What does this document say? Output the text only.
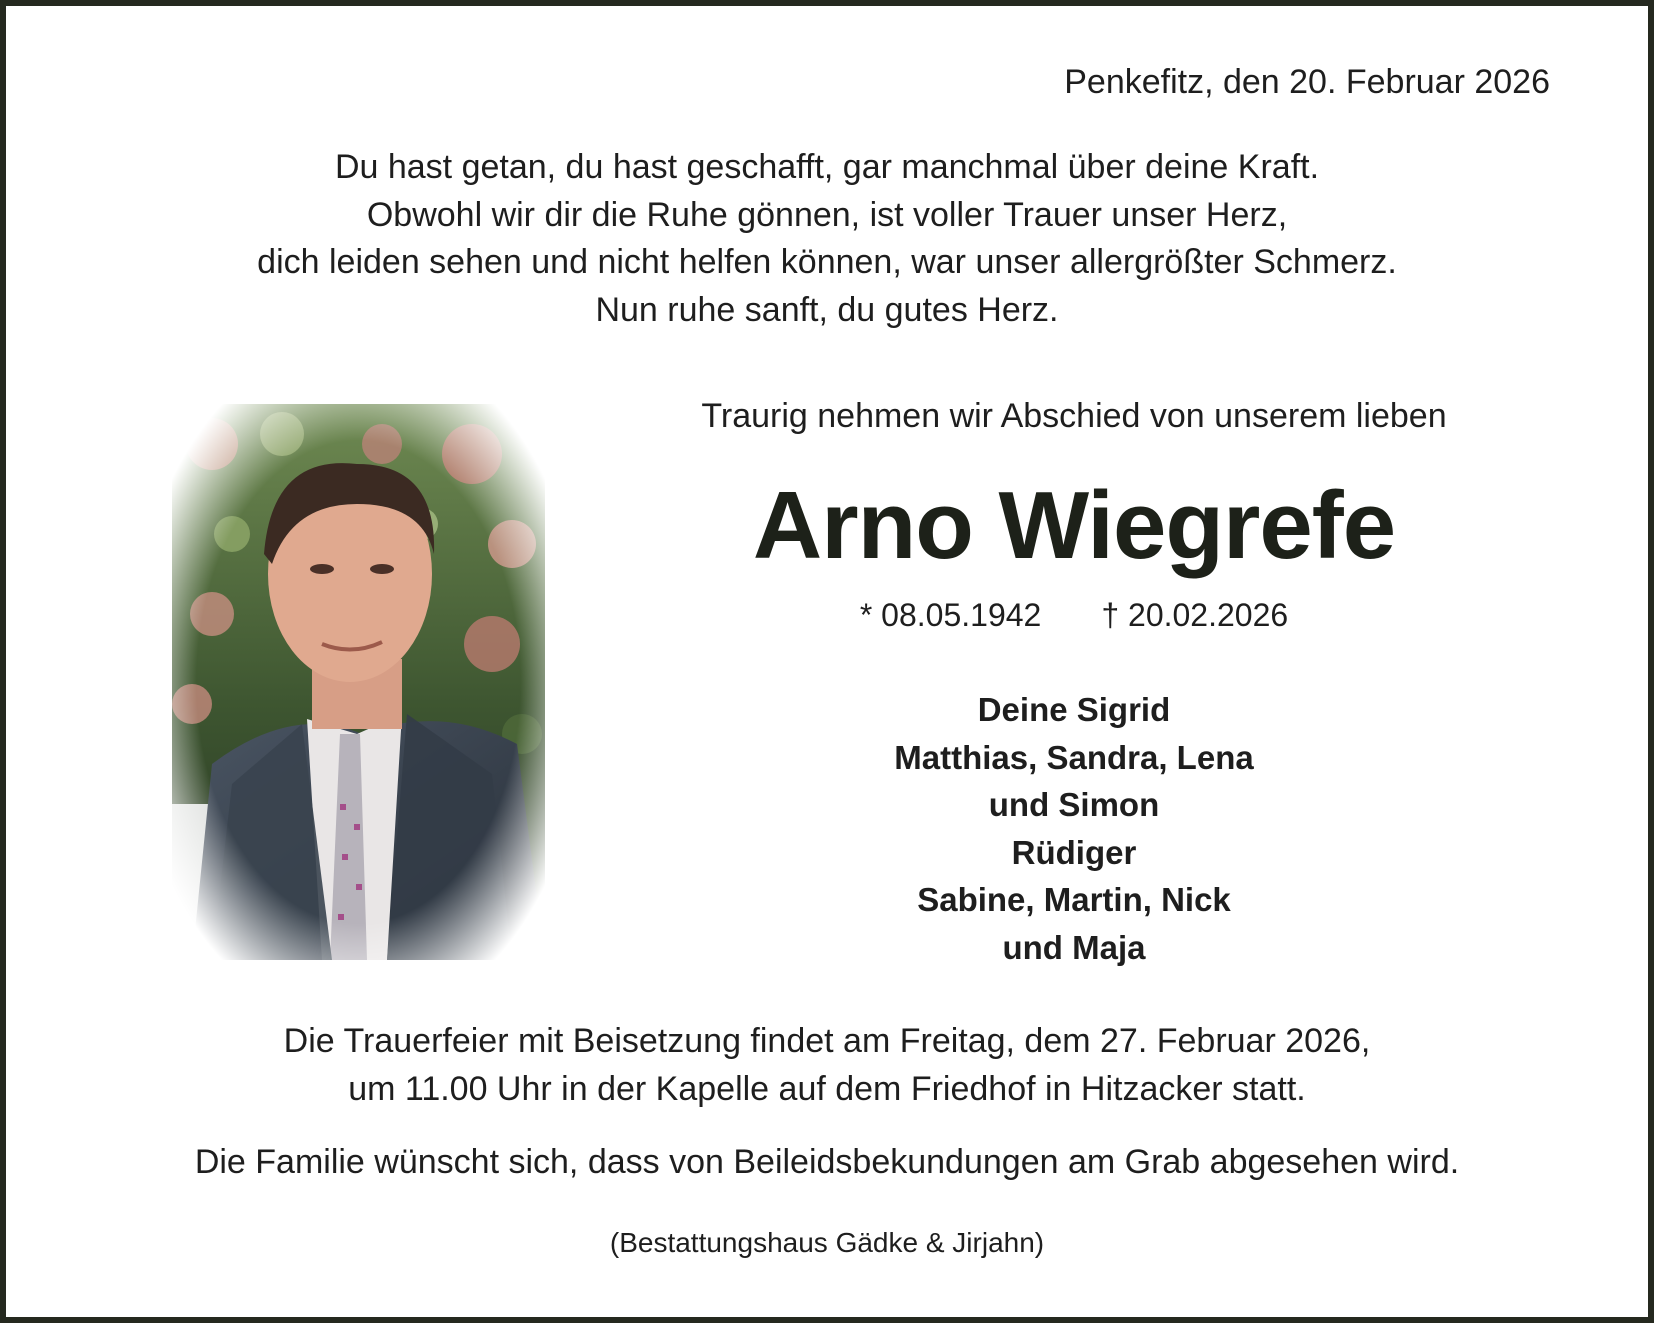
Penkefitz, den 20. Februar 2026
Du hast getan, du hast geschafft, gar manchmal über deine Kraft.
Obwohl wir dir die Ruhe gönnen, ist voller Trauer unser Herz,
dich leiden sehen und nicht helfen können, war unser allergrößter Schmerz.
Nun ruhe sanft, du gutes Herz.
Traurig nehmen wir Abschied von unserem lieben
Arno Wiegrefe
* 08.05.1942 † 20.02.2026
Deine Sigrid
Matthias, Sandra, Lena
und Simon
Rüdiger
Sabine, Martin, Nick
und Maja
Die Trauerfeier mit Beisetzung findet am Freitag, dem 27. Februar 2026,
um 11.00 Uhr in der Kapelle auf dem Friedhof in Hitzacker statt.
Die Familie wünscht sich, dass von Beileidsbekundungen am Grab abgesehen wird.
(Bestattungshaus Gädke & Jirjahn)
